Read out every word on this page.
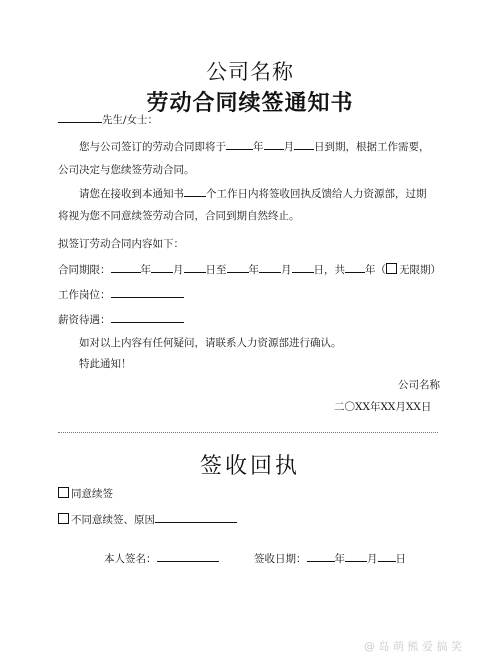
公司名称
劳动合同续签通知书
先生/女士：
您与公司签订的劳动合同即将于	年 月 日到期，根据工作需要，
公司决定与您续签劳动合同。
请您在接收到本通知书 个工作日内将签收回执反馈给人力资源部，过期
将视为您不同意续签劳动合同，合同到期自然终止。
拟签订劳动合同内容如下：
合同期限：	年 月 日至 年 月 日，共 年（ 无限期）
工作岗位：
薪资待遇：
如对以上内容有任何疑问，请联系人力资源部进行确认。
特此通知！
公司名称
二〇XX年XX月XX日
签收回执
同意续签
不同意续签、原因
本人签名：	签收日期：	年 月 日
@ 岛 萌 熊 爱 搞 笑
